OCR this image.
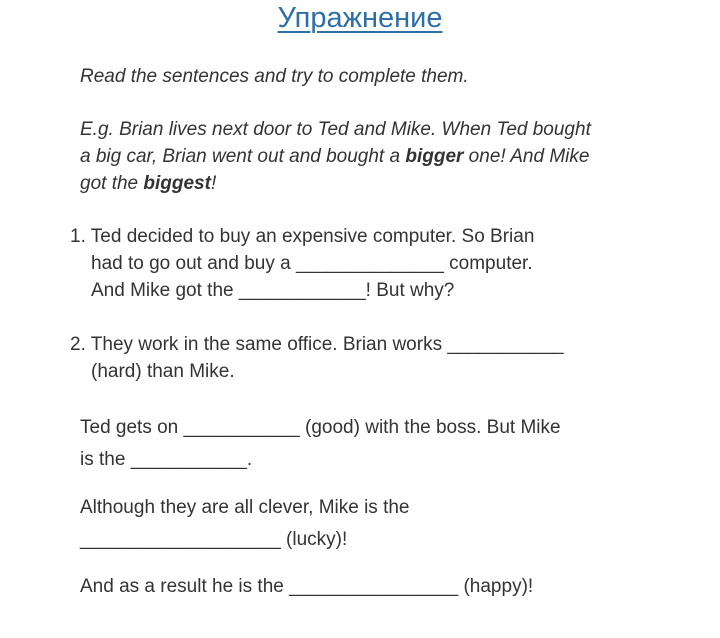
Упражнение
Read the sentences and try to complete them.
E.g. Brian lives next door to Ted and Mike. When Ted bought
a big car, Brian went out and bought a bigger one! And Mike
got the biggest!
1. Ted decided to buy an expensive computer. So Brian
had to go out and buy a ______________ computer.
And Mike got the ____________! But why?
2. They work in the same office. Brian works ___________
(hard) than Mike.
Ted gets on ___________ (good) with the boss. But Mike
is the ___________.
Although they are all clever, Mike is the
___________________ (lucky)!
And as a result he is the ________________ (happy)!
